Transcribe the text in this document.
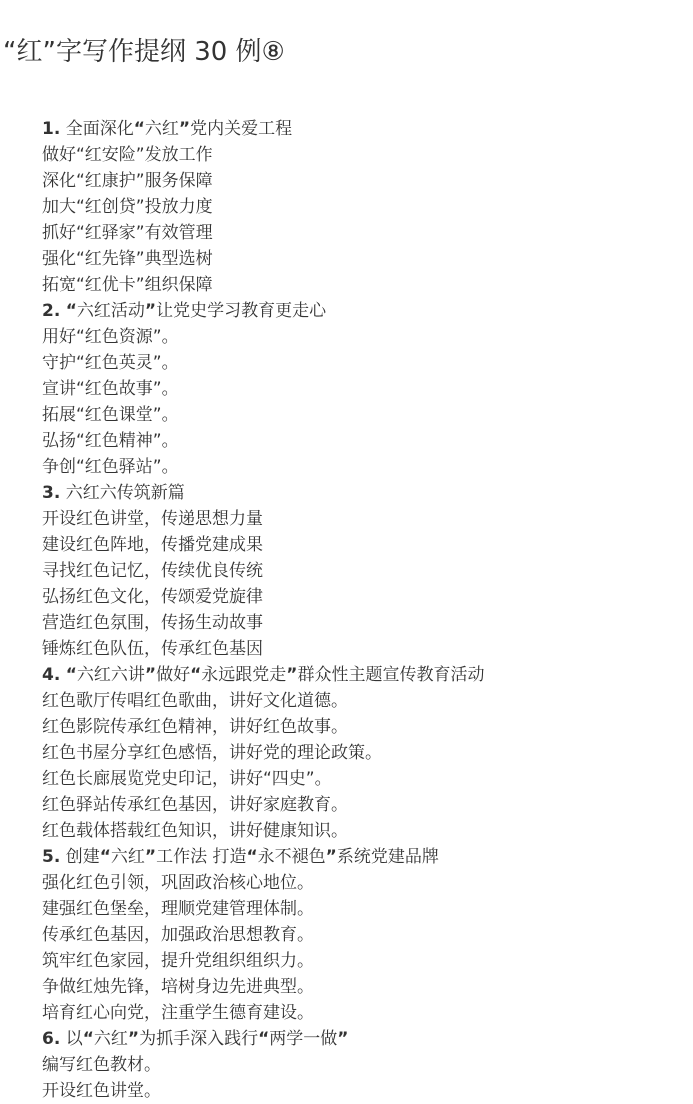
“红”字写作提纲 30 例⑧
1. 全面深化“六红”党内关爱工程
做好“红安险”发放工作
深化“红康护”服务保障
加大“红创贷”投放力度
抓好“红驿家”有效管理
强化“红先锋”典型选树
拓宽“红优卡”组织保障
2. “六红活动”让党史学习教育更走心
用好“红色资源”。
守护“红色英灵”。
宣讲“红色故事”。
拓展“红色课堂”。
弘扬“红色精神”。
争创“红色驿站”。
3. 六红六传筑新篇
开设红色讲堂，传递思想力量
建设红色阵地，传播党建成果
寻找红色记忆，传续优良传统
弘扬红色文化，传颂爱党旋律
营造红色氛围，传扬生动故事
锤炼红色队伍，传承红色基因
4. “六红六讲”做好“永远跟党走”群众性主题宣传教育活动
红色歌厅传唱红色歌曲，讲好文化道德。
红色影院传承红色精神，讲好红色故事。
红色书屋分享红色感悟，讲好党的理论政策。
红色长廊展览党史印记，讲好“四史”。
红色驿站传承红色基因，讲好家庭教育。
红色载体搭载红色知识，讲好健康知识。
5. 创建“六红”工作法 打造“永不褪色”系统党建品牌
强化红色引领，巩固政治核心地位。
建强红色堡垒，理顺党建管理体制。
传承红色基因，加强政治思想教育。
筑牢红色家园，提升党组织组织力。
争做红烛先锋，培树身边先进典型。
培育红心向党，注重学生德育建设。
6. 以“六红”为抓手深入践行“两学一做”
编写红色教材。
开设红色讲堂。
